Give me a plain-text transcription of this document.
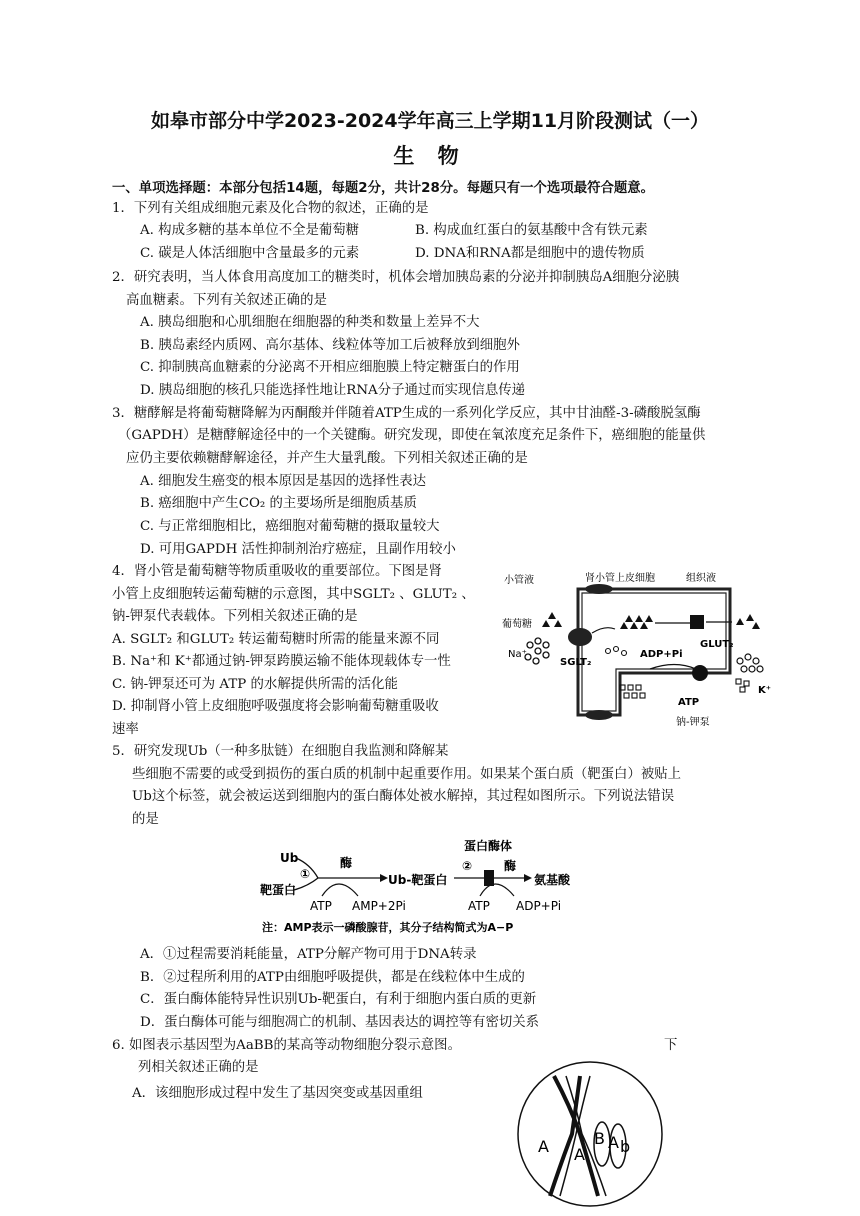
如皋市部分中学2023-2024学年高三上学期11月阶段测试（一）
生 物
一、单项选择题：本部分包括14题，每题2分，共计28分。每题只有一个选项最符合题意。
1．下列有关组成细胞元素及化合物的叙述，正确的是
A. 构成多糖的基本单位不全是葡萄糖	B. 构成血红蛋白的氨基酸中含有铁元素
C. 碳是人体活细胞中含量最多的元素	D. DNA和RNA都是细胞中的遗传物质
2．研究表明，当人体食用高度加工的糖类时，机体会增加胰岛素的分泌并抑制胰岛A细胞分泌胰
高血糖素。下列有关叙述正确的是
A. 胰岛细胞和心肌细胞在细胞器的种类和数量上差异不大
B. 胰岛素经内质网、高尔基体、线粒体等加工后被释放到细胞外
C. 抑制胰高血糖素的分泌离不开相应细胞膜上特定糖蛋白的作用
D. 胰岛细胞的核孔只能选择性地让RNA分子通过而实现信息传递
3．糖酵解是将葡萄糖降解为丙酮酸并伴随着ATP生成的一系列化学反应，其中甘油醛-3-磷酸脱氢酶
（GAPDH）是糖酵解途径中的一个关键酶。研究发现，即使在氧浓度充足条件下，癌细胞的能量供
应仍主要依赖糖酵解途径，并产生大量乳酸。下列相关叙述正确的是
A. 细胞发生癌变的根本原因是基因的选择性表达
B. 癌细胞中产生CO₂ 的主要场所是细胞质基质
C. 与正常细胞相比，癌细胞对葡萄糖的摄取量较大
D. 可用GAPDH 活性抑制剂治疗癌症，且副作用较小
4．肾小管是葡萄糖等物质重吸收的重要部位。下图是肾
小管上皮细胞转运葡萄糖的示意图，其中SGLT₂ 、GLUT₂ 、
钠-钾泵代表载体。下列相关叙述正确的是
A. SGLT₂ 和GLUT₂ 转运葡萄糖时所需的能量来源不同
B. Na⁺和 K⁺都通过钠-钾泵跨膜运输不能体现载体专一性
C. 钠-钾泵还可为 ATP 的水解提供所需的活化能
D. 抑制肾小管上皮细胞呼吸强度将会影响葡萄糖重吸收
速率
小管液	肾小管上皮细胞	组织液
葡萄糖
Na⁺
SGLT₂
GLUT₂
ADP+Pi
K⁺
ATP
钠-钾泵
5．研究发现Ub（一种多肽链）在细胞自我监测和降解某
些细胞不需要的或受到损伤的蛋白质的机制中起重要作用。如果某个蛋白质（靶蛋白）被贴上
Ub这个标签，就会被运送到细胞内的蛋白酶体处被水解掉，其过程如图所示。下列说法错误
的是
Ub
靶蛋白
①
酶
ATP AMP+2Pi
Ub-靶蛋白
蛋白酶体
②	酶
ATP ADP+Pi
氨基酸
注：AMP表示一磷酸腺苷，其分子结构简式为A−P
A．①过程需要消耗能量，ATP分解产物可用于DNA转录
B．②过程所利用的ATP由细胞呼吸提供，都是在线粒体中生成的
C．蛋白酶体能特异性识别Ub-靶蛋白，有利于细胞内蛋白质的更新
D．蛋白酶体可能与细胞凋亡的机制、基因表达的调控等有密切关系
6. 如图表示基因型为AaBB的某高等动物细胞分裂示意图。	下
列相关叙述正确的是
A．该细胞形成过程中发生了基因突变或基因重组
A A
B A b
